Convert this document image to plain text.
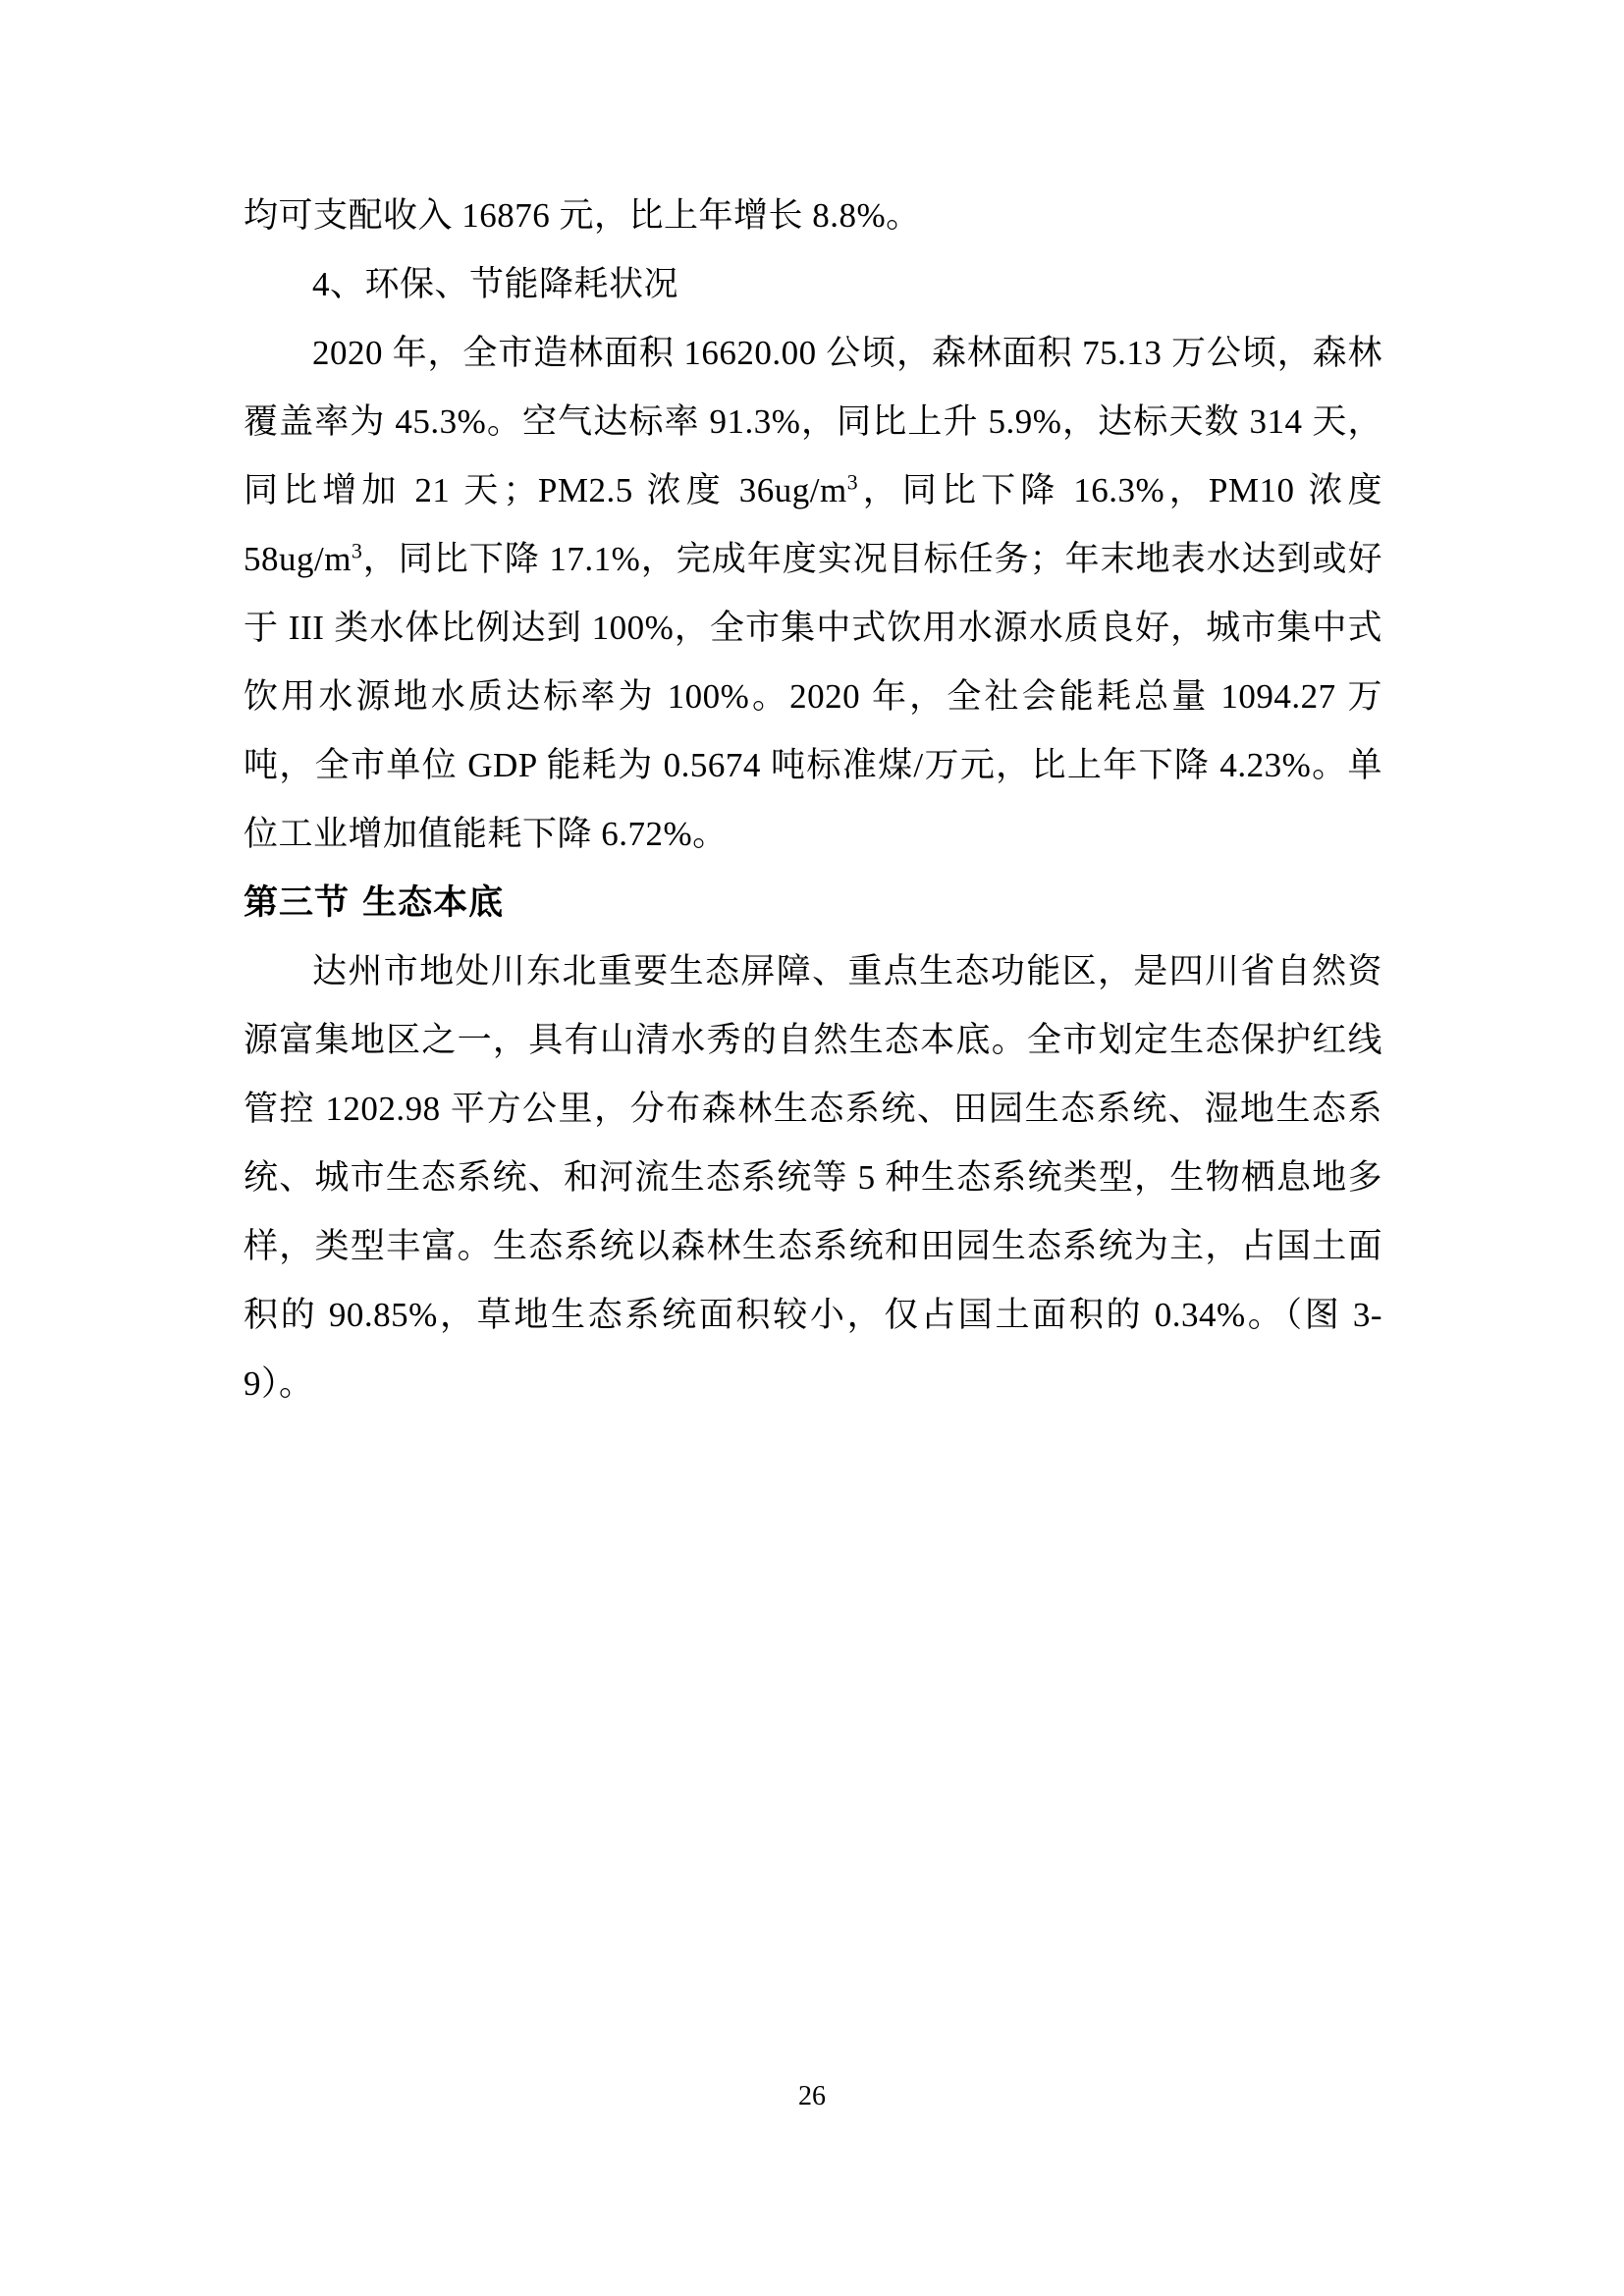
均可支配收入 16876 元，比上年增长 8.8%。

4、环保、节能降耗状况

2020 年，全市造林面积 16620.00 公顷，森林面积 75.13 万公顷，森林覆盖率为 45.3%。空气达标率 91.3%，同比上升 5.9%，达标天数 314 天，同比增加 21 天；PM2.5 浓度 $36ug/m^3$，同比下降 16.3%，PM10 浓度 $58ug/m^3$，同比下降 17.1%，完成年度实况目标任务；年末地表水达到或好于 III 类水体比例达到 100%，全市集中式饮用水源水质良好，城市集中式饮用水源地水质达标率为 100%。2020 年，全社会能耗总量 1094.27 万吨，全市单位 GDP 能耗为 0.5674 吨标准煤/万元，比上年下降 4.23%。单位工业增加值能耗下降 6.72%。

第三节 生态本底

达州市地处川东北重要生态屏障、重点生态功能区，是四川省自然资源富集地区之一，具有山清水秀的自然生态本底。全市划定生态保护红线管控 1202.98 平方公里，分布森林生态系统、田园生态系统、湿地生态系统、城市生态系统、和河流生态系统等 5 种生态系统类型，生物栖息地多样，类型丰富。生态系统以森林生态系统和田园生态系统为主，占国土面积的 90.85%，草地生态系统面积较小，仅占国土面积的 0.34%。（图 3-9）。

26
